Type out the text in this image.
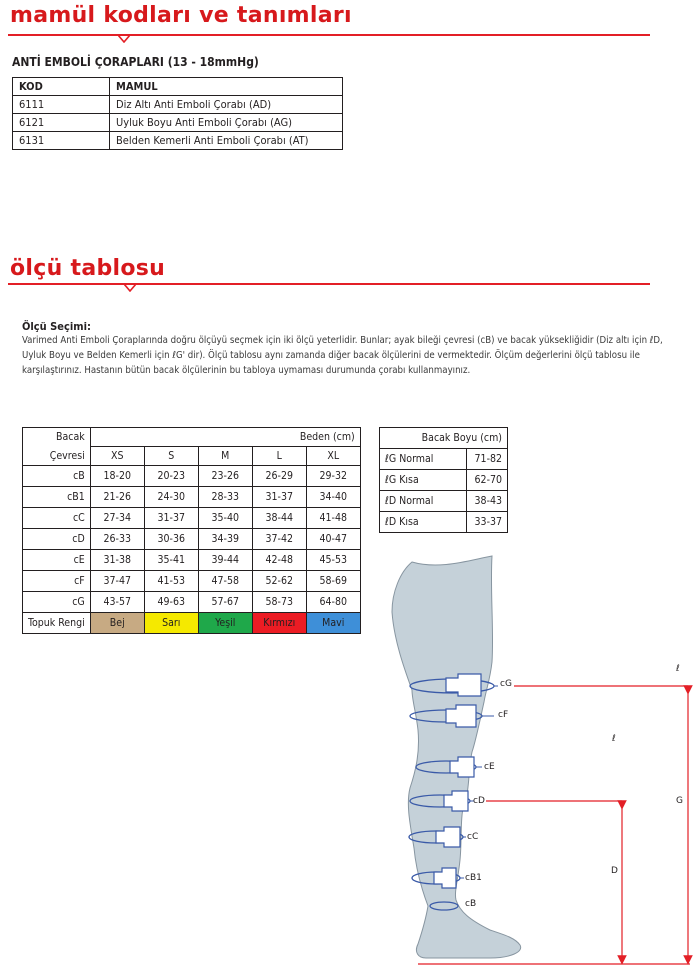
mamül kodları ve tanımları
ANTİ EMBOLİ ÇORAPLARI (13 - 18mmHg)
KOD	MAMUL
6111	Diz Altı Anti Emboli Çorabı (AD)
6121	Uyluk Boyu Anti Emboli Çorabı (AG)
6131	Belden Kemerli Anti Emboli Çorabı (AT)
ölçü tablosu
Ölçü Seçimi:
Varimed Anti Emboli Çoraplarında doğru ölçüyü seçmek için iki ölçü yeterlidir. Bunlar; ayak bileği çevresi (cB) ve bacak yüksekliğidir (Diz altı için ℓD, Uyluk Boyu ve Belden Kemerli için ℓG' dir). Ölçü tablosu aynı zamanda diğer bacak ölçülerini de vermektedir. Ölçüm değerlerini ölçü tablosu ile karşılaştırınız. Hastanın bütün bacak ölçülerinin bu tabloya uymaması durumunda çorabı kullanmayınız.
Bacak	Beden (cm)				
Çevresi	XS	S	M	L	XL
cB	18-20	20-23	23-26	26-29	29-32
cB1	21-26	24-30	28-33	31-37	34-40
cC	27-34	31-37	35-40	38-44	41-48
cD	26-33	30-36	34-39	37-42	40-47
cE	31-38	35-41	39-44	42-48	45-53
cF	37-47	41-53	47-58	52-62	58-69
cG	43-57	49-63	57-67	58-73	64-80
Topuk Rengi	Bej	Sarı	Yeşil	Kırmızı	Mavi
Bacak Boyu (cm)	
ℓG Normal	71-82
ℓG Kısa	62-70
ℓD Normal	38-43
ℓD Kısa	33-37
cG
cF
cE
cD
cC
cB1
cB
ℓ
ℓ
G
D
